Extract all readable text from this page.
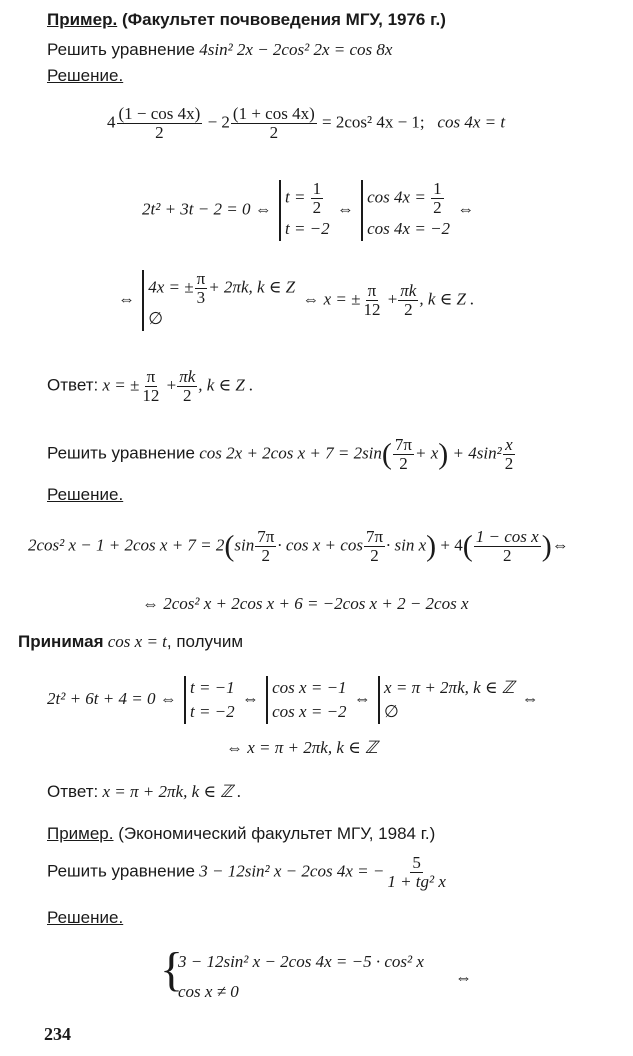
Пример. (Факультет почвоведения МГУ, 1976 г.)
Решить уравнение 4sin² 2x − 2cos² 2x = cos 8x
Решение.
$4 \frac{(1 - \cos 4x)}{2} - 2 \frac{(1 + \cos 4x)}{2} = 2\cos^2$ 4x − 1; cos 4x = t
2t² + 3t − 2 = 0 ⇔
$t = \frac{1}{2}$
t = −2
⇔
$\cos 4x = \frac{1}{2}$
cos 4x = −2
⇔
⇔
4x = ± $\frac{\pi}{3} + 2\pi k$, k ∈ Z
∅
⇔ x = ± $\frac{\pi}{12} + \frac{\pi k}{2}$ , k ∈ Z .
Ответ: x = ± $\frac{\pi}{12} + \frac{\pi k}{2}$ , k ∈ Z .
Решить уравнение cos 2x + 2cos $x + 7 = 2\sin( \frac{7\pi}{2} + x) + 4\sin^2 \frac{x}{2}$
Решение.
2cos² x − 1 + 2cos $x + 7 = 2(\sin \frac{7\pi}{2} \cdot \cos x + \cos \frac{7\pi}{2} \cdot \sin x) + 4( \frac{\text{1 − cos x}}{2}$ )⇔
⇔ 2cos² x + 2cos x + 6 = −2cos x + 2 − 2cos x
Принимая cos x = t, получим
2t² + 6t + 4 = 0 ⇔
t = −1
t = −2
⇔
cos x = −1
cos x = −2
⇔
x = π + 2πk, k ∈ ℤ
∅
⇔
⇔ x = π + 2πk, k ∈ ℤ
Ответ: x = π + 2πk, k ∈ ℤ .
Пример. (Экономический факультет МГУ, 1984 г.)
Решить уравнение 3 − 12sin² x − 2cos 4x = − $\frac{5}{\text{1 + tg² x}}$
Решение.
{
3 − 12sin² x − 2cos 4x = −5 · cos² x
cos x ≠ 0
⇔
234
